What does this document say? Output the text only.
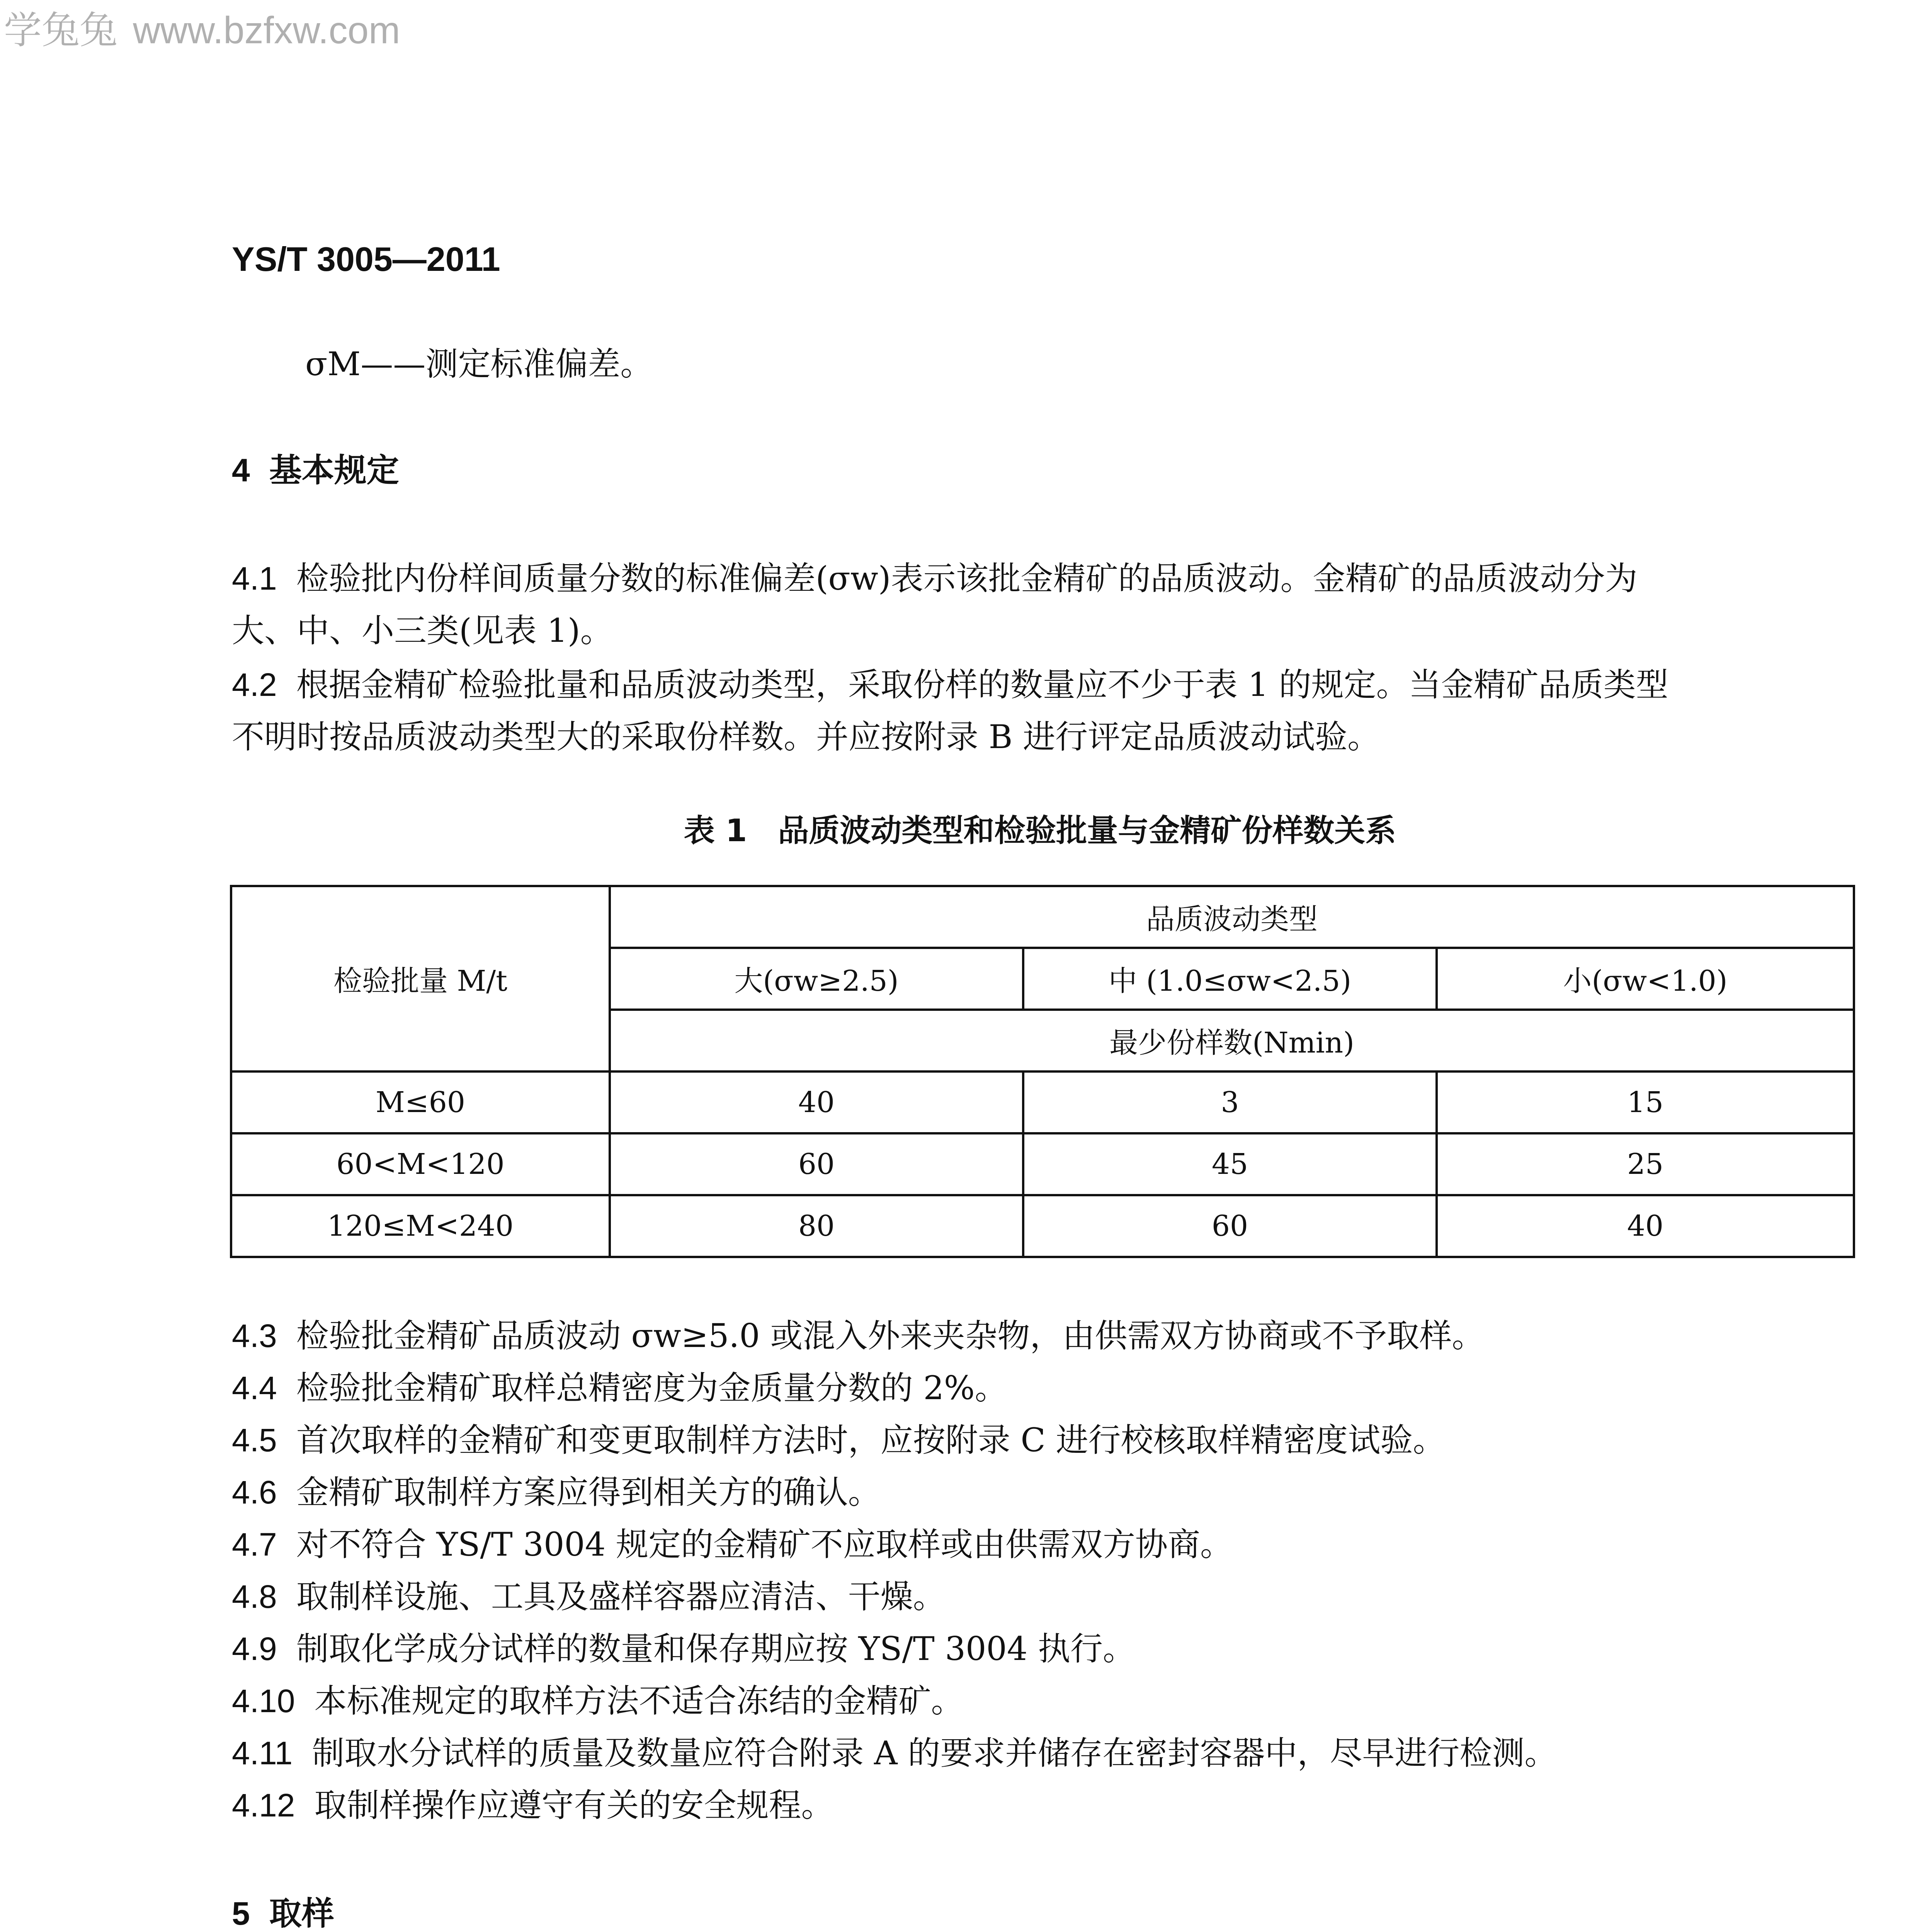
学兔兔 www.bzfxw.com
YS/T 3005—2011
σM——测定标准偏差。
4 基本规定
4.1 检验批内份样间质量分数的标准偏差(σw)表示该批金精矿的品质波动。金精矿的品质波动分为
大、中、小三类(见表 1)。
4.2 根据金精矿检验批量和品质波动类型，采取份样的数量应不少于表 1 的规定。当金精矿品质类型
不明时按品质波动类型大的采取份样数。并应按附录 B 进行评定品质波动试验。
表 1　品质波动类型和检验批量与金精矿份样数关系
检验批量 M/t	品质波动类型		
	大(σw≥2.5)	中 (1.0≤σw<2.5)	小(σw<1.0)
	最少份样数(Nmin)		
M≤60	40	3	15
60<M<120	60	45	25
120≤M<240	80	60	40
4.3 检验批金精矿品质波动 σw≥5.0 或混入外来夹杂物，由供需双方协商或不予取样。
4.4 检验批金精矿取样总精密度为金质量分数的 2%。
4.5 首次取样的金精矿和变更取制样方法时，应按附录 C 进行校核取样精密度试验。
4.6 金精矿取制样方案应得到相关方的确认。
4.7 对不符合 YS/T 3004 规定的金精矿不应取样或由供需双方协商。
4.8 取制样设施、工具及盛样容器应清洁、干燥。
4.9 制取化学成分试样的数量和保存期应按 YS/T 3004 执行。
4.10 本标准规定的取样方法不适合冻结的金精矿。
4.11 制取水分试样的质量及数量应符合附录 A 的要求并储存在密封容器中，尽早进行检测。
4.12 取制样操作应遵守有关的安全规程。
5 取样
